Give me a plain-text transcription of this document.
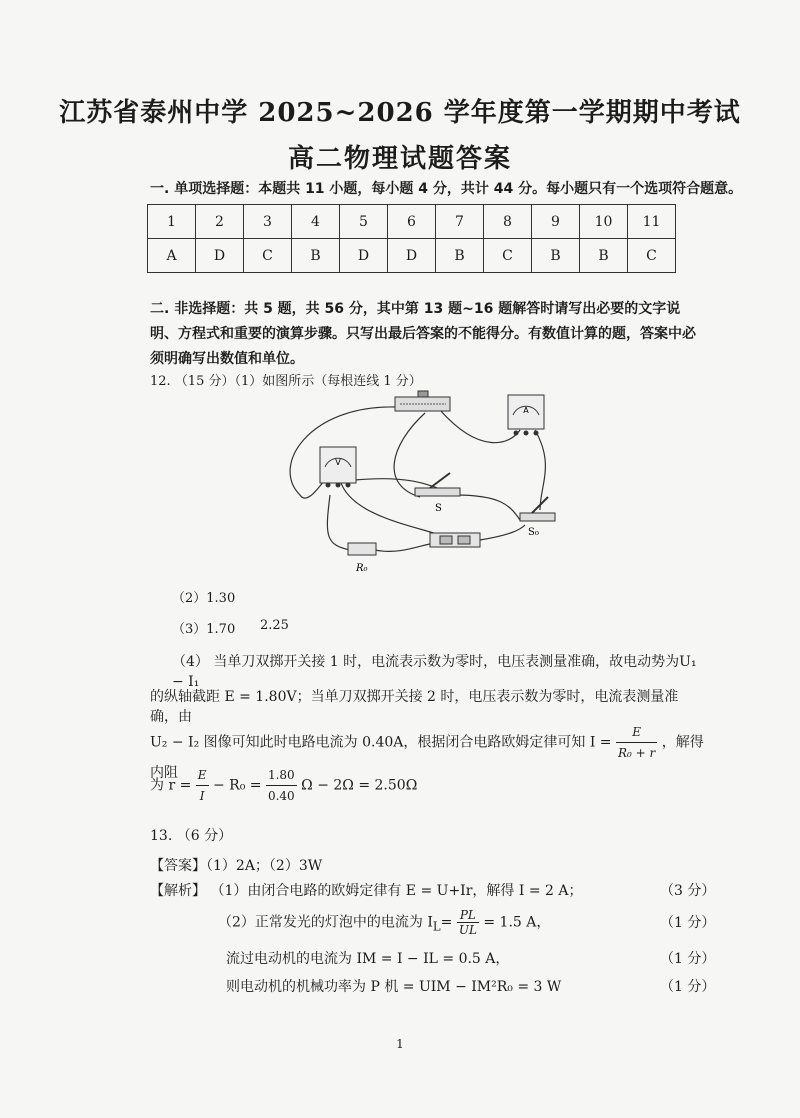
江苏省泰州中学 2025~2026 学年度第一学期期中考试
高二物理试题答案
一. 单项选择题：本题共 11 小题，每小题 4 分，共计 44 分。每小题只有一个选项符合题意。
1	2	3	4	5	6	7	8	9	10	11
A	D	C	B	D	D	B	C	B	B	C
二. 非选择题：共 5 题，共 56 分，其中第 13 题~16 题解答时请写出必要的文字说明、方程式和重要的演算步骤。只写出最后答案的不能得分。有数值计算的题，答案中必须明确写出数值和单位。
12. （15 分）（1）如图所示（每根连线 1 分）
A
V
S
S₀
R₀
（2）1.30
（3）1.70 2.25
（4） 当单刀双掷开关接 1 时，电流表示数为零时，电压表测量准确，故电动势为U₁ − I₁
的纵轴截距 E = 1.80V；当单刀双掷开关接 2 时，电压表示数为零时，电流表测量准确，由
U₂ − I₂ 图像可知此时电路电流为 0.40A，根据闭合电路欧姆定律可知 $I = \frac{E}{\text{R₀ + r}}$ ，解得内阻
为 $r = \frac{E}{I} - R_0 = \frac{1.80}{0.40}$ Ω − 2Ω = 2.50Ω
13. （6 分）
【答案】（1）2A；（2）3W
【解析】 （1）由闭合电路的欧姆定律有 E = U+Ir，解得 I = 2 A；	（3 分）
（2）正常发光的灯泡中的电流为 $I_L= \frac{PL}{UL} = 1.5$ A，	（1 分）
流过电动机的电流为 IM = I − IL = 0.5 A，	（1 分）
则电动机的机械功率为 P 机 = UIM − IM²R₀ = 3 W	（1 分）
1
